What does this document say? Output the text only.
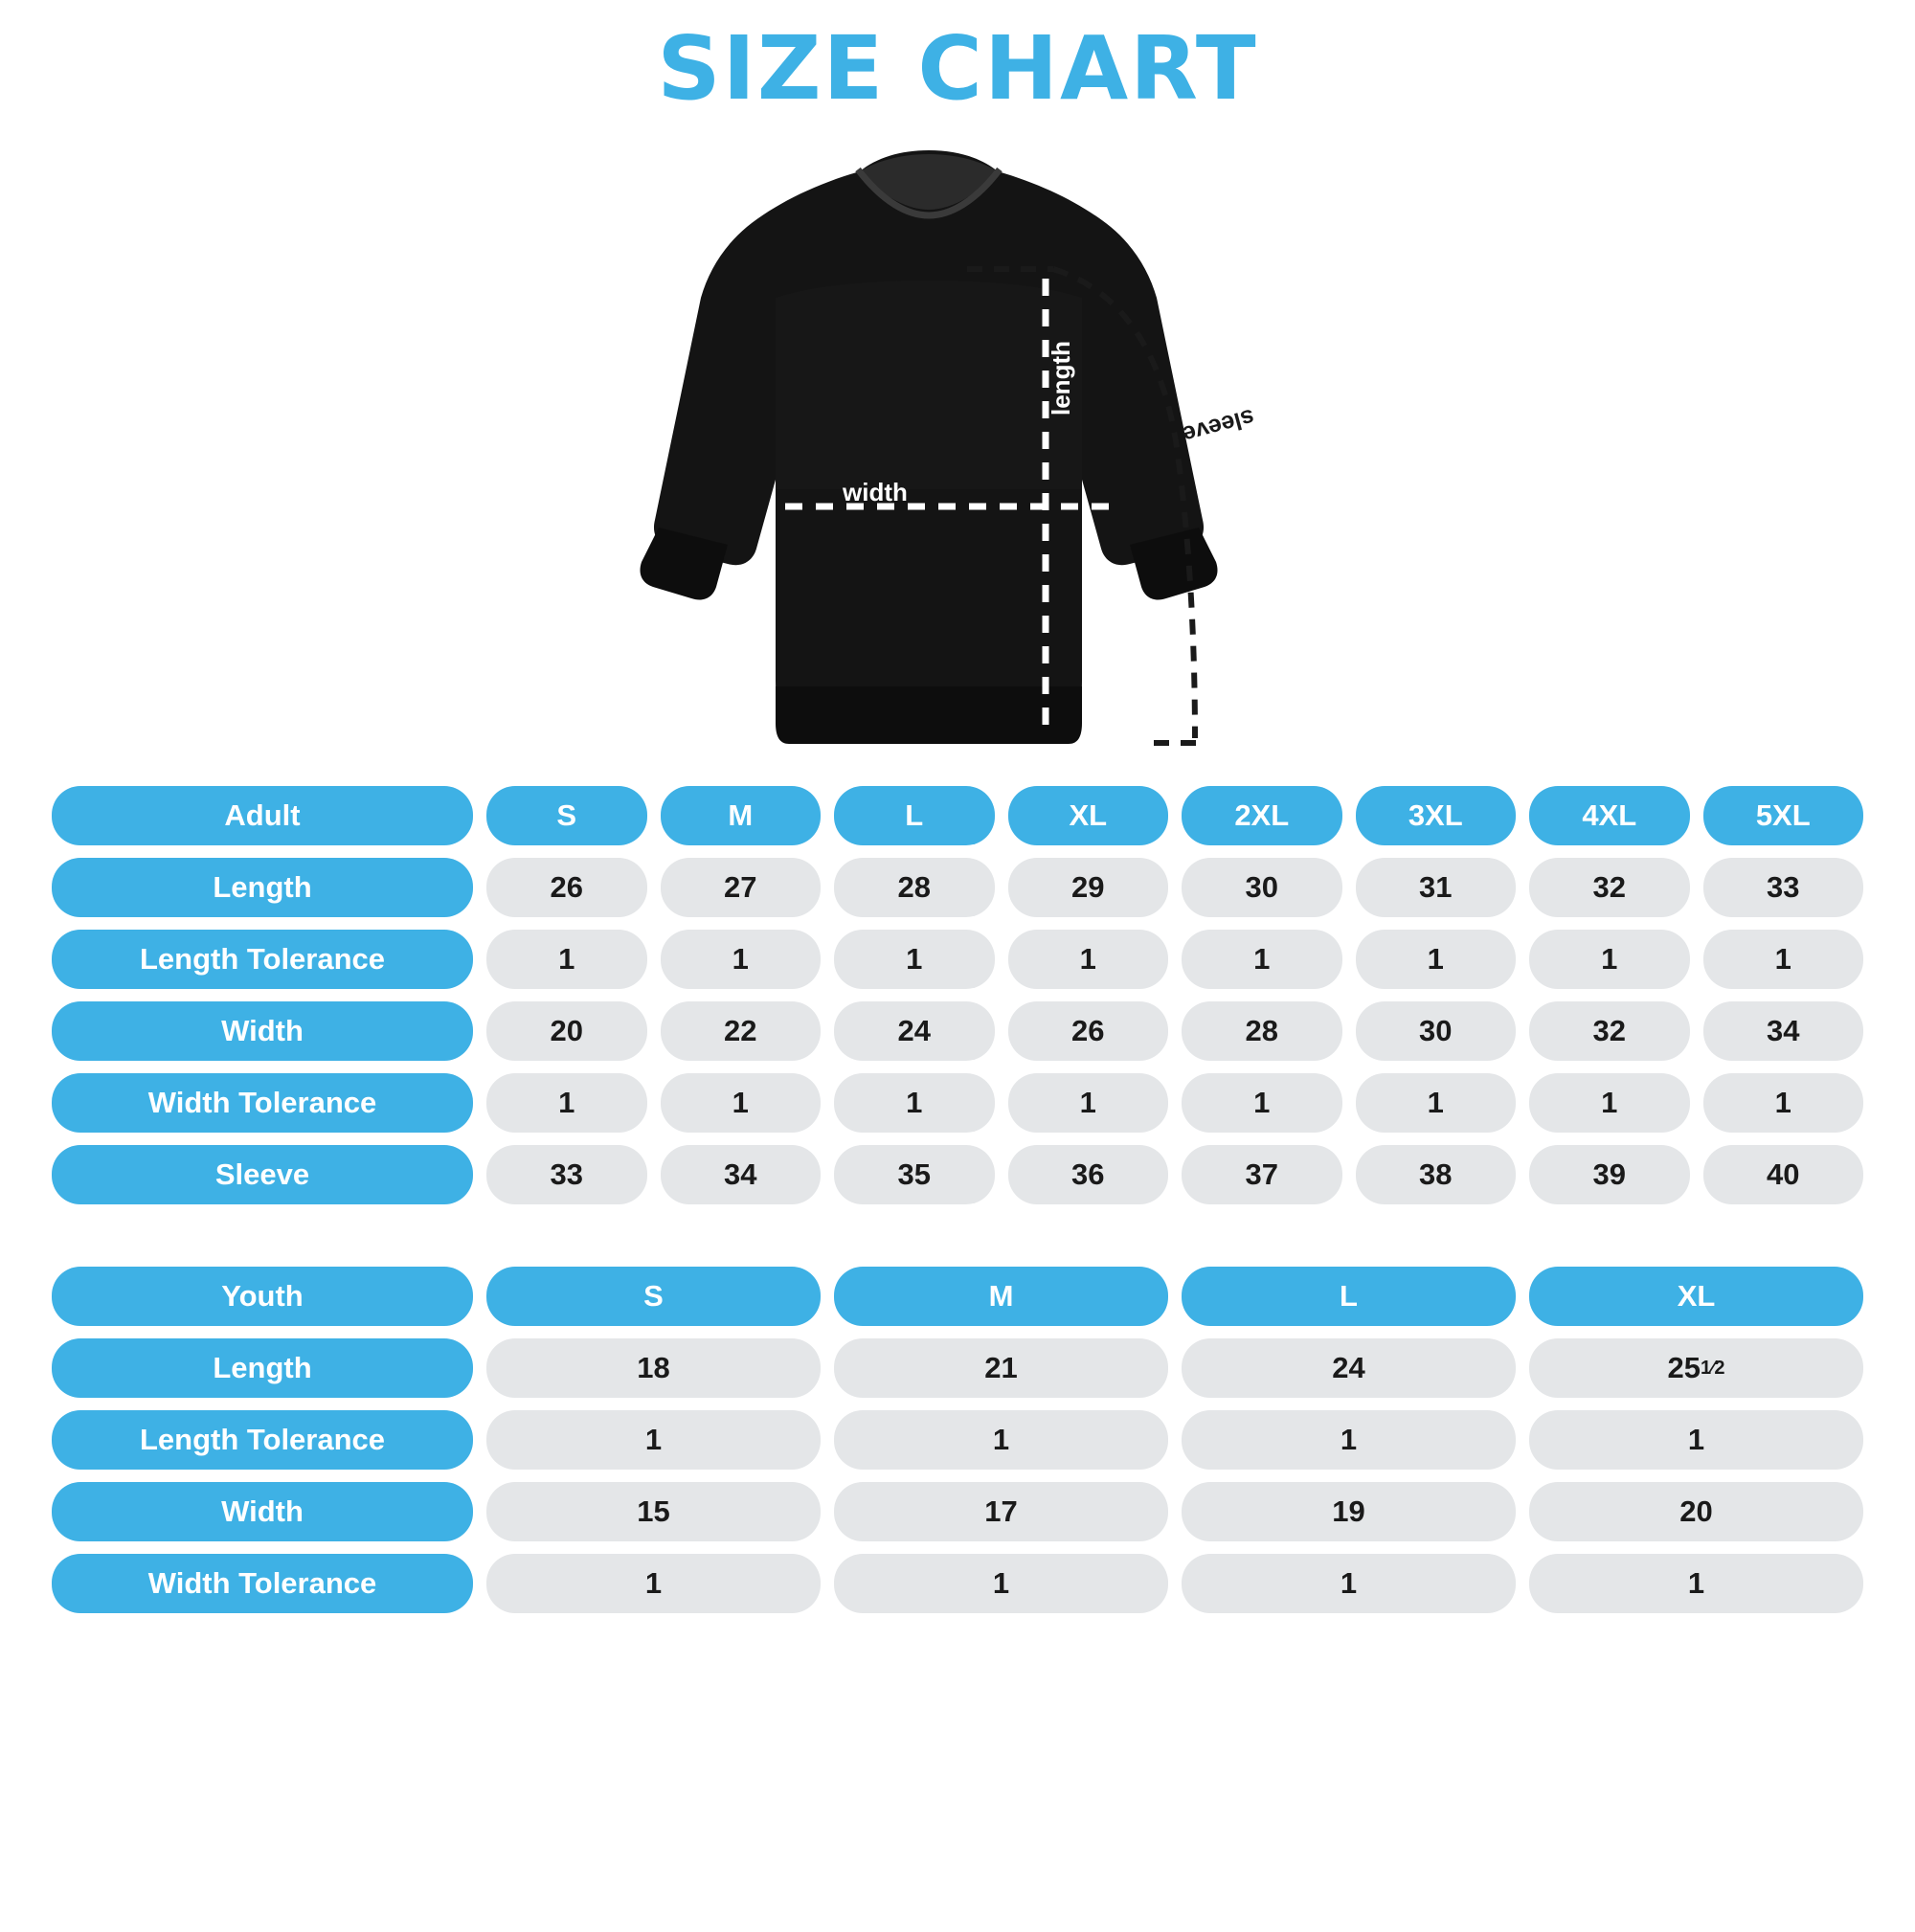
SIZE CHART
width
length
sleeve
Adult	S	M	L	XL	2XL	3XL	4XL	5XL
Length	26	27	28	29	30	31	32	33
Length Tolerance	1	1	1	1	1	1	1	1
Width	20	22	24	26	28	30	32	34
Width Tolerance	1	1	1	1	1	1	1	1
Sleeve	33	34	35	36	37	38	39	40
Youth	S	M	L	XL
Length	18	21	24	25 1⁄2
Length Tolerance	1	1	1	1
Width	15	17	19	20
Width Tolerance	1	1	1	1
